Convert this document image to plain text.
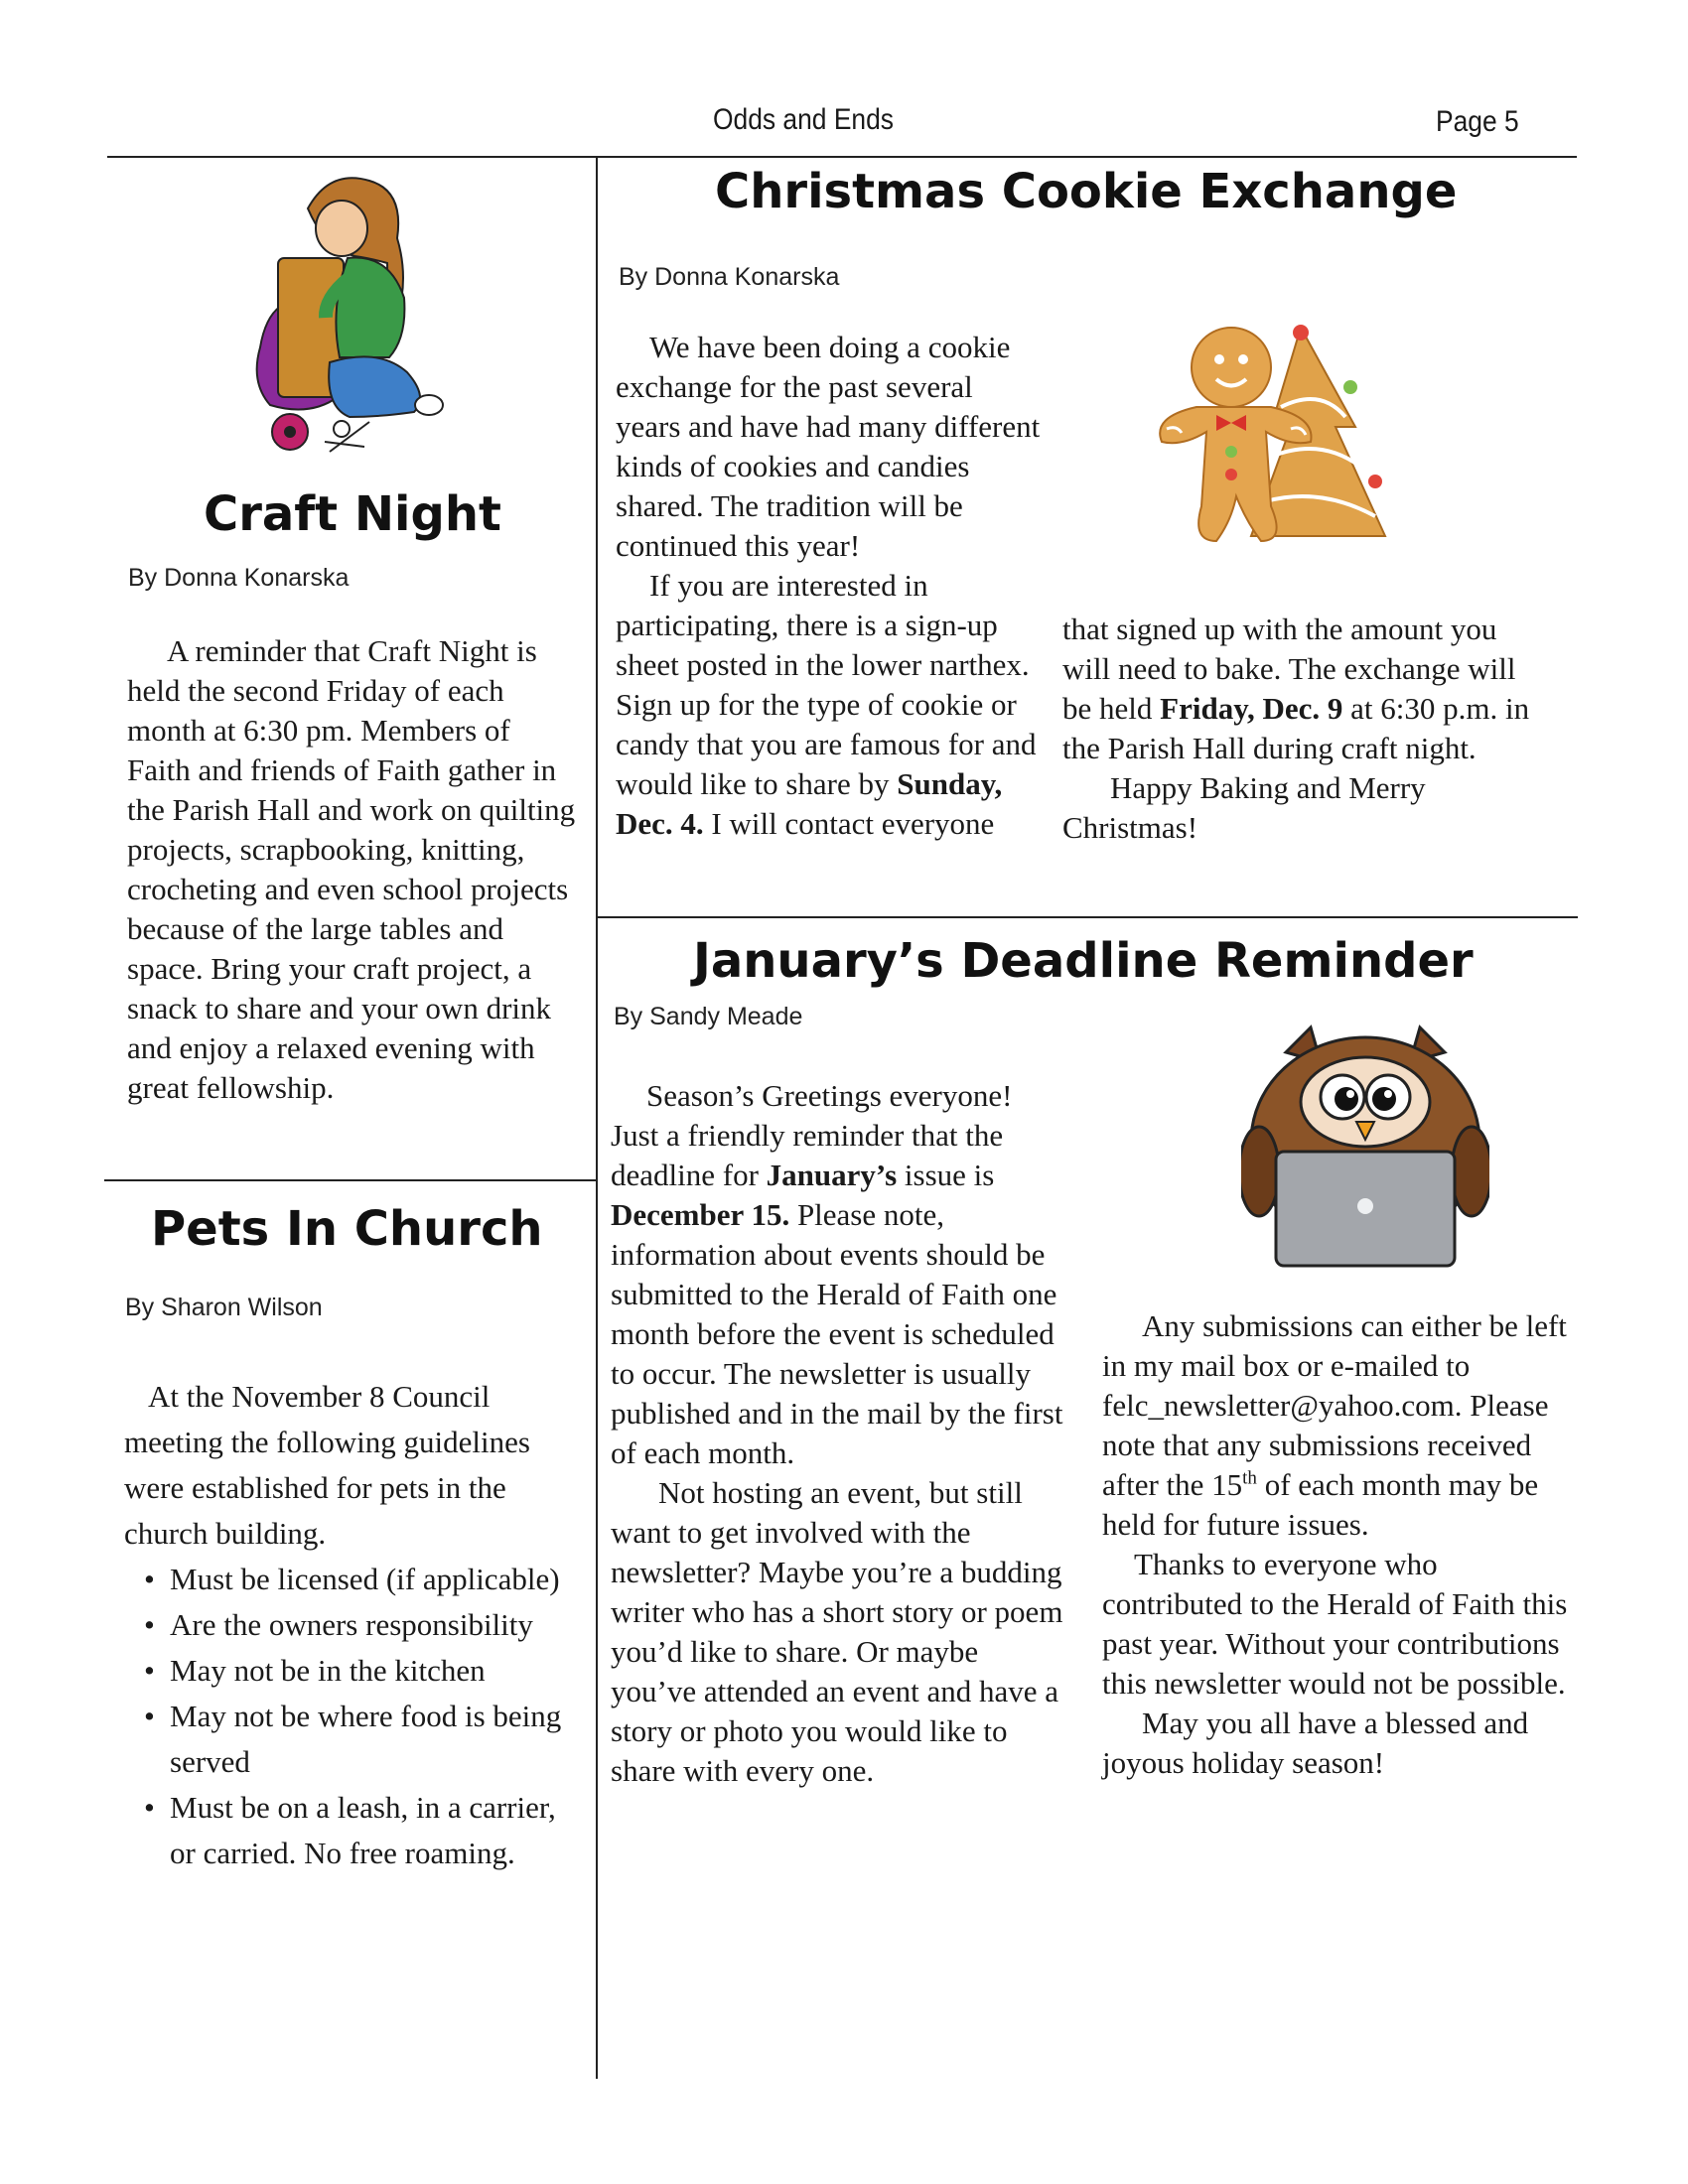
Odds and Ends	Page 5
Craft Night
By Donna Konarska

A reminder that Craft Night is held the second Friday of each month at 6:30 pm. Members of Faith and friends of Faith gather in the Parish Hall and work on quilting projects, scrapbooking, knitting, crocheting and even school projects because of the large tables and space. Bring your craft project, a snack to share and your own drink and enjoy a relaxed evening with great fellowship.

Pets In Church
By Sharon Wilson

At the November 8 Council meeting the following guidelines were established for pets in the church building.

• Must be licensed (if applicable)
• Are the owners responsibility
• May not be in the kitchen
• May not be where food is being served
• Must be on a leash, in a carrier, or carried. No free roaming.
Christmas Cookie Exchange
By Donna Konarska

We have been doing a cookie exchange for the past several years and have had many different kinds of cookies and candies shared. The tradition will be continued this year!

If you are interested in participating, there is a sign-up sheet posted in the lower narthex. Sign up for the type of cookie or candy that you are famous for and would like to share by Sunday, Dec. 4. I will contact everyone

that signed up with the amount you will need to bake. The exchange will be held Friday, Dec. 9 at 6:30 p.m. in the Parish Hall during craft night.

Happy Baking and Merry Christmas!

January’s Deadline Reminder
By Sandy Meade

Season’s Greetings everyone! Just a friendly reminder that the deadline for January’s issue is December 15. Please note, information about events should be submitted to the Herald of Faith one month before the event is scheduled to occur. The newsletter is usually published and in the mail by the first of each month.

Not hosting an event, but still want to get involved with the newsletter? Maybe you’re a budding writer who has a short story or poem you’d like to share. Or maybe you’ve attended an event and have a story or photo you would like to share with every one.

Any submissions can either be left in my mail box or e-mailed to felc_newsletter@yahoo.com. Please note that any submissions received after the 15th of each month may be held for future issues.

Thanks to everyone who contributed to the Herald of Faith this past year. Without your contributions this newsletter would not be possible.

May you all have a blessed and joyous holiday season!
